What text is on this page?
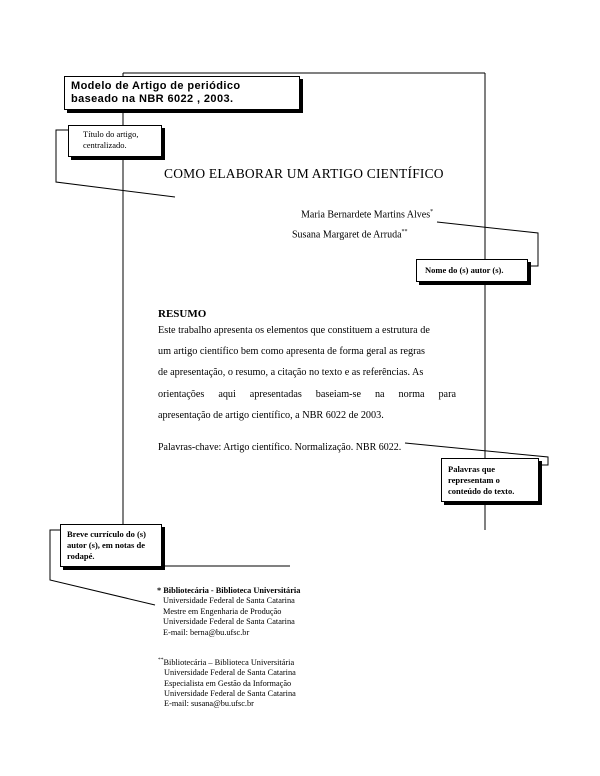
Modelo de Artigo de periódico
baseado na NBR 6022 , 2003.
Título do artigo,
centralizado.
COMO ELABORAR UM ARTIGO CIENTÍFICO
Maria Bernardete Martins Alves*
Susana Margaret de Arruda**
Nome do (s) autor (s).
RESUMO
Este trabalho apresenta os elementos que constituem a estrutura de
um artigo científico bem como apresenta de forma geral as regras
de apresentação, o resumo, a citação no texto e as referências. As
orientações aqui apresentadas baseiam-se na norma para
apresentação de artigo científico, a NBR 6022 de 2003.
Palavras-chave: Artigo científico. Normalização. NBR 6022.
Palavras que
representam o
conteúdo do texto.
Breve currículo do (s)
autor (s), em notas de
rodapé.
* Bibliotecária - Biblioteca Universitária
Universidade Federal de Santa Catarina
Mestre em Engenharia de Produção
Universidade Federal de Santa Catarina
E-mail: berna@bu.ufsc.br
**Bibliotecária – Biblioteca Universitária
Universidade Federal de Santa Catarina
Especialista em Gestão da Informação
Universidade Federal de Santa Catarina
E-mail: susana@bu.ufsc.br
